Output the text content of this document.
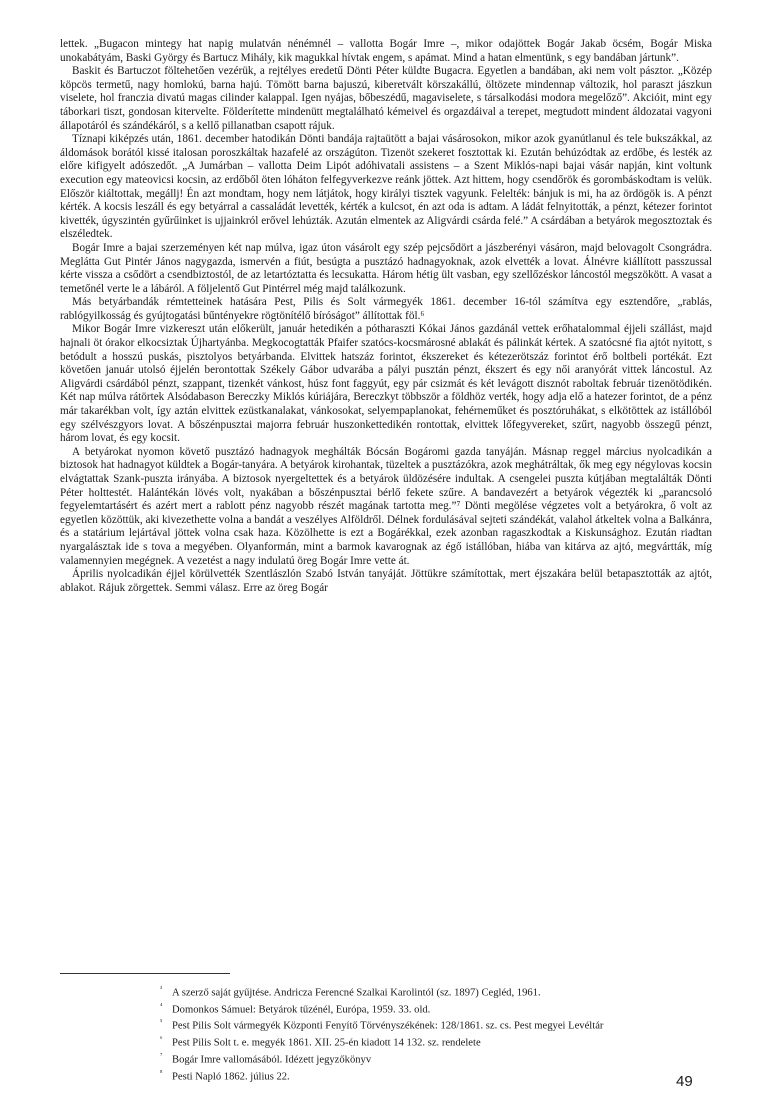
lettek. „Bugacon mintegy hat napig mulatván nénémnél – vallotta Bogár Imre –, mikor odajöttek Bogár Jakab öcsém, Bogár Miska unokabátyám, Baski György és Bartucz Mihály, kik magukkal hívtak engem, s apámat. Mind a hatan elmentünk, s egy bandában jártunk”.

Baskit és Bartuczot föltehetően vezérük, a rejtélyes eredetű Dönti Péter küldte Bugacra. Egyetlen a bandában, aki nem volt pásztor. „Közép köpcös termetű, nagy homlokú, barna hajú. Tömött barna bajuszú, kiberetvált körszakállú, öltözete mindennap változik, hol paraszt jászkun viselete, hol franczia divatú magas cilinder kalappal. Igen nyájas, bőbeszédű, magaviselete, s társalkodási modora megelőző”. Akcióit, mint egy táborkari tiszt, gondosan kitervelte. Földerítette mindenütt megtalálható kémeivel és orgazdáival a terepet, megtudott mindent áldozatai vagyoni állapotáról és szándékáról, s a kellő pillanatban csapott rájuk.

Tíznapi kiképzés után, 1861. december hatodikán Dönti bandája rajtaütött a bajai vásárosokon, mikor azok gyanútlanul és tele bukszákkal, az áldomások borától kissé italosan poroszkáltak hazafelé az országúton. Tizenöt szekeret fosztottak ki. Ezután behúzódtak az erdőbe, és lesték az előre kifigyelt adószedőt. „A Jumárban – vallotta Deim Lipót adóhivatali assistens – a Szent Miklós-napi bajai vásár napján, kint voltunk execution egy mateovicsi kocsin, az erdőből öten lóháton felfegyverkezve reánk jöttek. Azt hittem, hogy csendőrök és gorombáskodtam is velük. Először kiáltottak, megállj! Én azt mondtam, hogy nem látjátok, hogy királyi tisztek vagyunk. Felelték: bánjuk is mi, ha az ördögök is. A pénzt kérték. A kocsis leszáll és egy betyárral a cassaládát levették, kérték a kulcsot, én azt oda is adtam. A ládát felnyitották, a pénzt, kétezer forintot kivették, úgyszintén gyűrűinket is ujjainkról erővel lehúzták. Azután elmentek az Aligvárdi csárda felé.” A csárdában a betyárok megosztoztak és elszéledtek.

Bogár Imre a bajai szerzeményen két nap múlva, igaz úton vásárolt egy szép pejcsődört a jászberényi vásáron, majd belovagolt Csongrádra. Meglátta Gut Pintér János nagygazda, ismervén a fiút, besúgta a pusztázó hadnagyoknak, azok elvették a lovat. Álnévre kiállított passzussal kérte vissza a csődört a csendbiztostól, de az letartóztatta és lecsukatta. Három hétig ült vasban, egy szellőzéskor láncostól megszökött. A vasat a temetőnél verte le a lábáról. A följelentő Gut Pintérrel még majd találkozunk.

Más betyárbandák rémtetteinek hatására Pest, Pilis és Solt vármegyék 1861. december 16-tól számítva egy esztendőre, „rablás, rablógyilkosság és gyújtogatási bűntényekre rögtönítélő bíróságot” állítottak föl.⁶

Mikor Bogár Imre vizkereszt után előkerült, január hetedikén a pótharaszti Kókai János gazdánál vettek erőhatalommal éjjeli szállást, majd hajnali öt órakor elkocsiztak Újhartyánba. Megkocogtatták Pfaifer szatócs-kocsmárosné ablakát és pálinkát kértek. A szatócsné fia ajtót nyitott, s betódult a hosszú puskás, pisztolyos betyárbanda. Elvittek hatszáz forintot, ékszereket és kétezerötszáz forintot érő boltbeli portékát. Ezt követően január utolsó éjjelén berontottak Székely Gábor udvarába a pályi pusztán pénzt, ékszert és egy női aranyórát vittek láncostul. Az Aligvárdi csárdából pénzt, szappant, tizenkét vánkost, húsz font faggyút, egy pár csizmát és két levágott disznót raboltak február tizenötödikén. Két nap múlva rátörtek Alsódabason Bereczky Miklós kúriájára, Bereczkyt többször a földhöz verték, hogy adja elő a hatezer forintot, de a pénz már takarékban volt, így aztán elvittek ezüstkanalakat, vánkosokat, selyempaplanokat, fehérneműket és posztóruhákat, s elkötöttek az istállóból egy szélvészgyors lovat. A bőszénpusztai majorra február huszonkettedikén rontottak, elvittek lőfegyvereket, szűrt, nagyobb összegű pénzt, három lovat, és egy kocsit.

A betyárokat nyomon követő pusztázó hadnagyok meghálták Bócsán Bogáromi gazda tanyáján. Másnap reggel március nyolcadikán a biztosok hat hadnagyot küldtek a Bogár-tanyára. A betyárok kirohantak, tüzeltek a pusztázókra, azok meghátráltak, ők meg egy négylovas kocsin elvágtattak Szank-puszta irányába. A biztosok nyergeltettek és a betyárok üldözésére indultak. A csengelei puszta kútjában megtalálták Dönti Péter holttestét. Halántékán lövés volt, nyakában a bőszénpusztai bérlő fekete szűre. A bandavezért a betyárok végezték ki „parancsoló fegyelemtartásért és azért mert a rablott pénz nagyobb részét magának tartotta meg.”⁷ Dönti megölése végzetes volt a betyárokra, ő volt az egyetlen közöttük, aki kivezethette volna a bandát a veszélyes Alföldről. Délnek fordulásával sejteti szándékát, valahol átkeltek volna a Balkánra, és a statárium lejártával jöttek volna csak haza. Közölhette is ezt a Bogárékkal, ezek azonban ragaszkodtak a Kiskunsághoz. Ezután riadtan nyargalásztak ide s tova a megyében. Olyanformán, mint a barmok kavarognak az égő istállóban, hiába van kitárva az ajtó, megvártták, míg valamennyien megégnek. A vezetést a nagy indulatú öreg Bogár Imre vette át.

Április nyolcadikán éjjel körülvették Szentlászlón Szabó István tanyáját. Jöttükre számítottak, mert éjszakára belül betapasztották az ajtót, ablakot. Rájuk zörgettek. Semmi válasz. Erre az öreg Bogár

$^{^3}$ A szerző saját gyűjtése. Andricza Ferencné Szalkai Karolintól (sz. 1897) Cegléd, 1961.

$^{^4}$ Domonkos Sámuel: Betyárok tűzénél, Európa, 1959. 33. old.

$^{^5}$ Pest Pilis Solt vármegyék Központi Fenyítő Törvényszékének: 128/1861. sz. cs. Pest megyei Levéltár

$^{^6}$ Pest Pilis Solt t. e. megyék 1861. XII. 25-én kiadott 14 132. sz. rendelete

$^{^7}$ Bogár Imre vallomásából. Idézett jegyzőkönyv

$^{^8}$ Pesti Napló 1862. július 22.	49
